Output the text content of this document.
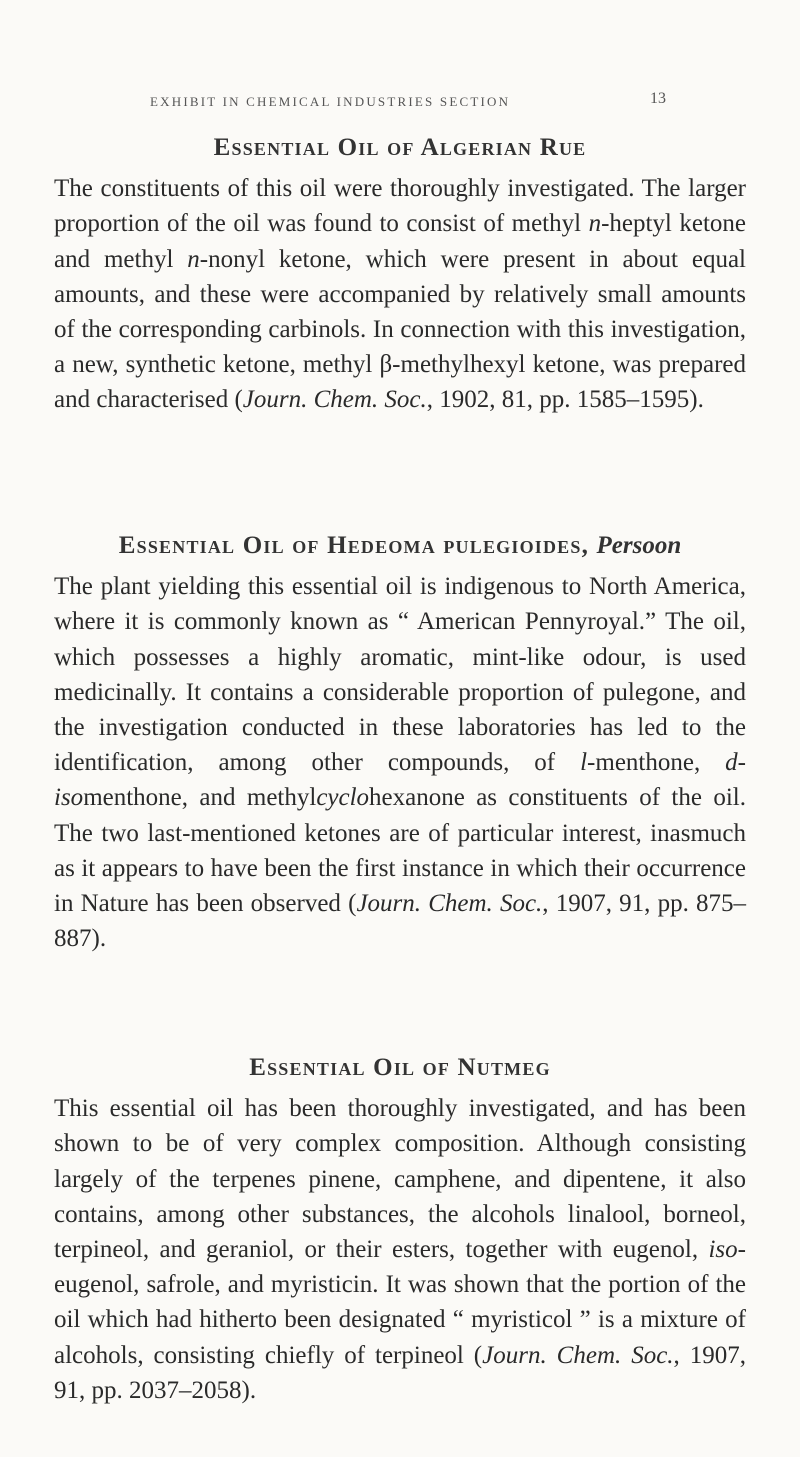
EXHIBIT IN CHEMICAL INDUSTRIES SECTION	13
Essential Oil of Algerian Rue

The constituents of this oil were thoroughly investigated. The larger proportion of the oil was found to consist of methyl n-heptyl ketone and methyl n-nonyl ketone, which were present in about equal amounts, and these were accompanied by relatively small amounts of the corresponding carbinols. In connection with this investigation, a new, synthetic ketone, methyl β-methylhexyl ketone, was prepared and characterised (Journ. Chem. Soc., 1902, 81, pp. 1585–1595).

Essential Oil of Hedeoma pulegioides, Persoon

The plant yielding this essential oil is indigenous to North America, where it is commonly known as “ American Pennyroyal.” The oil, which possesses a highly aromatic, mint-like odour, is used medicinally. It contains a considerable proportion of pulegone, and the investigation conducted in these laboratories has led to the identification, among other compounds, of l-menthone, d-isomenthone, and methylcyclohexanone as constituents of the oil. The two last-mentioned ketones are of particular interest, inasmuch as it appears to have been the first instance in which their occurrence in Nature has been observed (Journ. Chem. Soc., 1907, 91, pp. 875–887).

Essential Oil of Nutmeg

This essential oil has been thoroughly investigated, and has been shown to be of very complex composition. Although consisting largely of the terpenes pinene, camphene, and dipentene, it also contains, among other substances, the alcohols linalool, borneol, terpineol, and geraniol, or their esters, together with eugenol, iso-eugenol, safrole, and myristicin. It was shown that the portion of the oil which had hitherto been designated “ myristicol ” is a mixture of alcohols, consisting chiefly of terpineol (Journ. Chem. Soc., 1907, 91, pp. 2037–2058).
